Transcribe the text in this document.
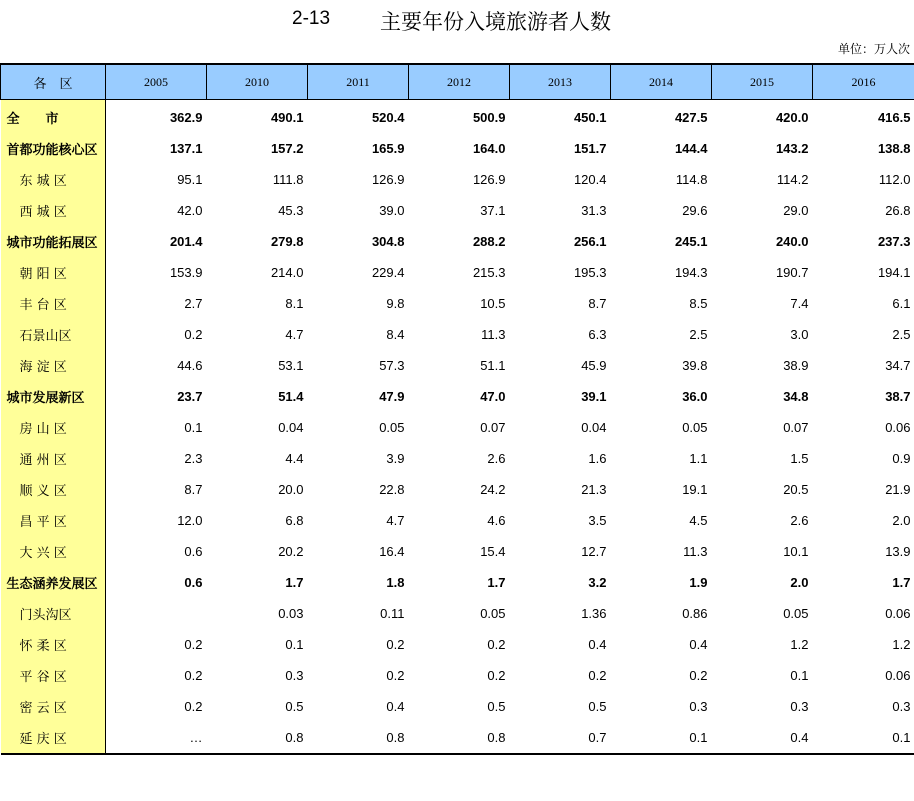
2-13 主要年份入境旅游者人数
单位：万人次
各　区	2005	2010	2011	2012	2013	2014	2015	2016
全　　市	362.9	490.1	520.4	500.9	450.1	427.5	420.0	416.5
首都功能核心区	137.1	157.2	165.9	164.0	151.7	144.4	143.2	138.8
　东 城 区	95.1	111.8	126.9	126.9	120.4	114.8	114.2	112.0
　西 城 区	42.0	45.3	39.0	37.1	31.3	29.6	29.0	26.8
城市功能拓展区	201.4	279.8	304.8	288.2	256.1	245.1	240.0	237.3
　朝 阳 区	153.9	214.0	229.4	215.3	195.3	194.3	190.7	194.1
　丰 台 区	2.7	8.1	9.8	10.5	8.7	8.5	7.4	6.1
　石景山区	0.2	4.7	8.4	11.3	6.3	2.5	3.0	2.5
　海 淀 区	44.6	53.1	57.3	51.1	45.9	39.8	38.9	34.7
城市发展新区	23.7	51.4	47.9	47.0	39.1	36.0	34.8	38.7
　房 山 区	0.1	0.04	0.05	0.07	0.04	0.05	0.07	0.06
　通 州 区	2.3	4.4	3.9	2.6	1.6	1.1	1.5	0.9
　顺 义 区	8.7	20.0	22.8	24.2	21.3	19.1	20.5	21.9
　昌 平 区	12.0	6.8	4.7	4.6	3.5	4.5	2.6	2.0
　大 兴 区	0.6	20.2	16.4	15.4	12.7	11.3	10.1	13.9
生态涵养发展区	0.6	1.7	1.8	1.7	3.2	1.9	2.0	1.7
　门头沟区		0.03	0.11	0.05	1.36	0.86	0.05	0.06
　怀 柔 区	0.2	0.1	0.2	0.2	0.4	0.4	1.2	1.2
　平 谷 区	0.2	0.3	0.2	0.2	0.2	0.2	0.1	0.06
　密 云 区	0.2	0.5	0.4	0.5	0.5	0.3	0.3	0.3
　延 庆 区	…	0.8	0.8	0.8	0.7	0.1	0.4	0.1
